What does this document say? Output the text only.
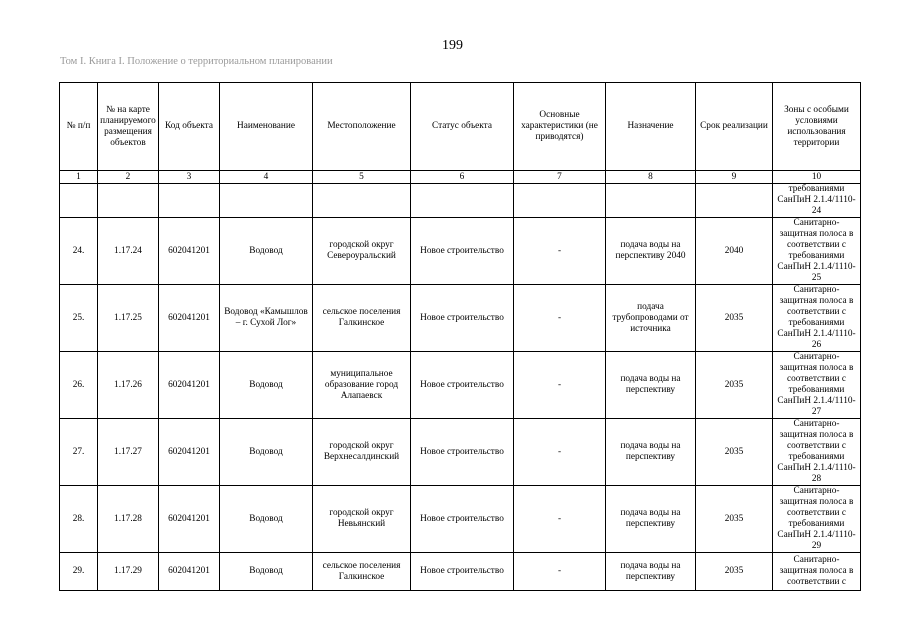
199
Том I. Книга I. Положение о территориальном планировании
№ п/п	№ на карте планируемого размещения объектов	Код объекта	Наименование	Местоположение	Статус объекта	Основные характеристики (не приводятся)	Назначение	Срок реализации	Зоны с особыми условиями использования территории
1	2	3	4	5	6	7	8	9	10
									требованиями СанПиН 2.1.4/1110-24
24.	1.17.24	602041201	Водовод	городской округ Североуральский	Новое строительство	-	подача воды на перспективу 2040	2040	Санитарно-защитная полоса в соответствии с требованиями СанПиН 2.1.4/1110-25
25.	1.17.25	602041201	Водовод «Камышлов – г. Сухой Лог»	сельское поселения Галкинское	Новое строительство	-	подача трубопроводами от источника	2035	Санитарно-защитная полоса в соответствии с требованиями СанПиН 2.1.4/1110-26
26.	1.17.26	602041201	Водовод	муниципальное образование город Алапаевск	Новое строительство	-	подача воды на перспективу	2035	Санитарно-защитная полоса в соответствии с требованиями СанПиН 2.1.4/1110-27
27.	1.17.27	602041201	Водовод	городской округ Верхнесалдинский	Новое строительство	-	подача воды на перспективу	2035	Санитарно-защитная полоса в соответствии с требованиями СанПиН 2.1.4/1110-28
28.	1.17.28	602041201	Водовод	городской округ Невьянский	Новое строительство	-	подача воды на перспективу	2035	Санитарно-защитная полоса в соответствии с требованиями СанПиН 2.1.4/1110-29
29.	1.17.29	602041201	Водовод	сельское поселения Галкинское	Новое строительство	-	подача воды на перспективу	2035	Санитарно-защитная полоса в соответствии с
